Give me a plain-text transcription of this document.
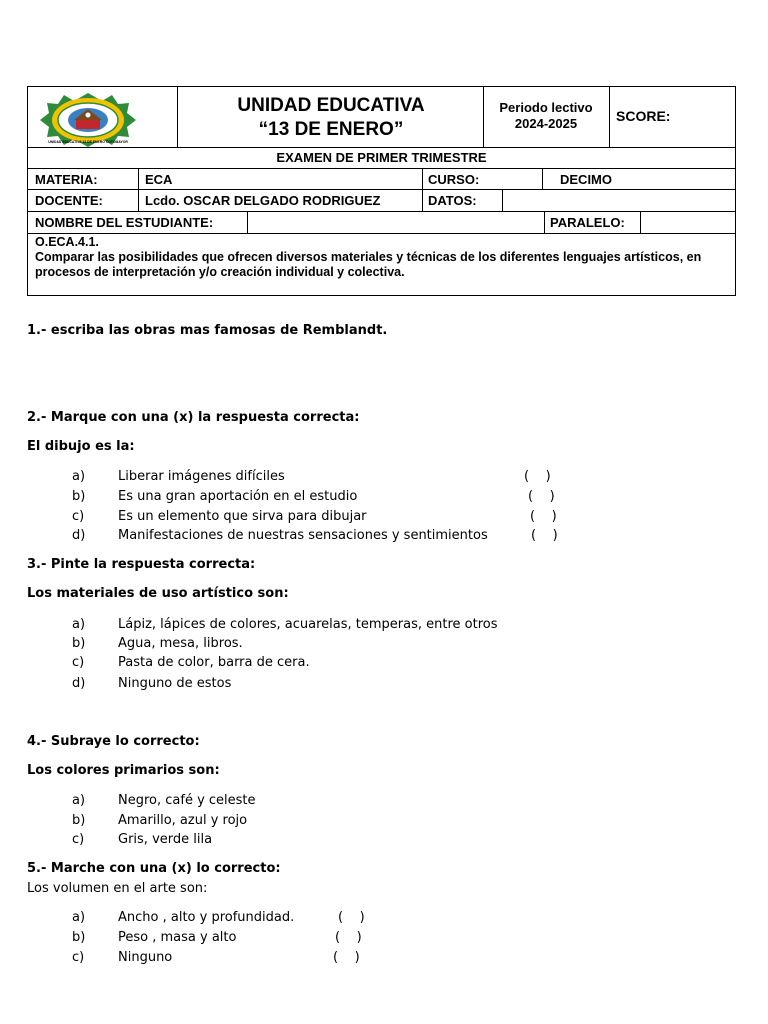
UNIDAD EDUCATIVA 13 DE ENERO COTOMAYOR
UNIDAD EDUCATIVA
“13 DE ENERO”
Periodo lectivo
2024-2025	SCORE:
EXAMEN DE PRIMER TRIMESTRE
MATERIA:	ECA	CURSO:	DECIMO
DOCENTE:	Lcdo. OSCAR DELGADO RODRIGUEZ	DATOS:
NOMBRE DEL ESTUDIANTE:	PARALELO:
O.ECA.4.1.
Comparar las posibilidades que ofrecen diversos materiales y técnicas de los diferentes lenguajes artísticos, en procesos de interpretación y/o creación individual y colectiva.
1.- escriba las obras mas famosas de Remblandt.
2.- Marque con una (x) la respuesta correcta:
El dibujo es la:
a)	Liberar imágenes difíciles	(    )
b)	Es una gran aportación en el estudio	(    )
c)	Es un elemento que sirva para dibujar	(    )
d)	Manifestaciones de nuestras sensaciones y sentimientos	(    )
3.- Pinte la respuesta correcta:
Los materiales de uso artístico son:
a)	Lápiz, lápices de colores, acuarelas, temperas, entre otros
b)	Agua, mesa, libros.
c)	Pasta de color, barra de cera.
d)	Ninguno de estos
4.- Subraye lo correcto:
Los colores primarios son:
a)	Negro, café y celeste
b)	Amarillo, azul y rojo
c)	Gris, verde lila
5.- Marche con una (x) lo correcto:
Los volumen en el arte son:
a)	Ancho , alto y profundidad.	(    )
b)	Peso , masa y alto	(    )
c)	Ninguno	(    )
